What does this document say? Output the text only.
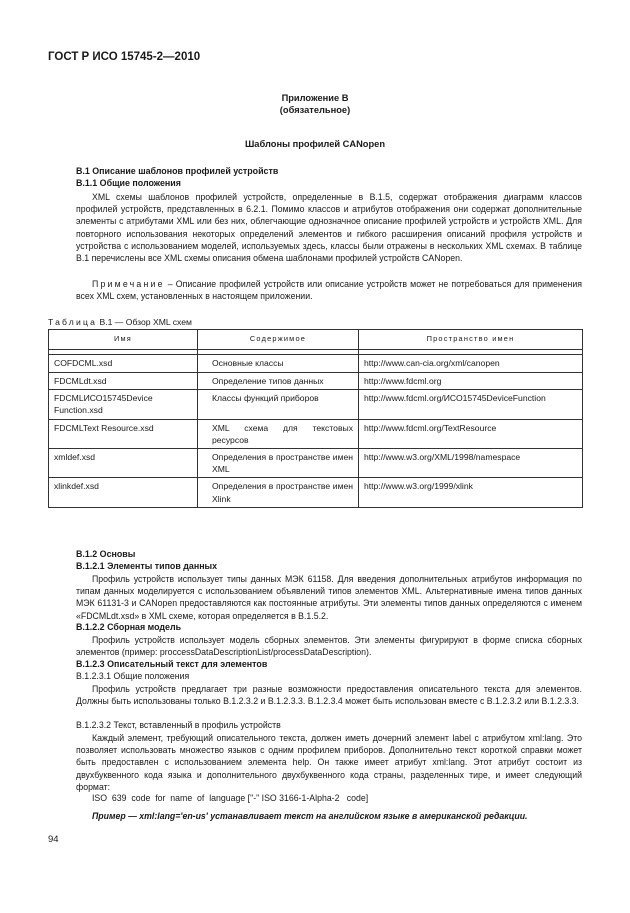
ГОСТ Р ИСО 15745-2—2010
Приложение В
(обязательное)
Шаблоны профилей CANopen
В.1 Описание шаблонов профилей устройств
В.1.1 Общие положения
XML схемы шаблонов профилей устройств, определенные в В.1.5, содержат отображения диаграмм классов профилей устройств, представленных в 6.2.1. Помимо классов и атрибутов отображения они содержат дополнительные элементы с атрибутами XML или без них, облегчающие однозначное описание профилей устройств и устройств XML. Для повторного использования некоторых определений элементов и гибкого расширения описаний профиля устройств и устройства с использованием моделей, используемых здесь, классы были отражены в нескольких XML схемах. В таблице В.1 перечислены все XML схемы описания обмена шаблонами профилей устройств CANopen.
Примечание – Описание профилей устройств или описание устройств может не потребоваться для применения всех XML схем, установленных в настоящем приложении.
Таблица В.1 — Обзор XML схем
Имя	Содержимое	Пространство имен

COFDCML.xsd	Основные классы	http://www.can-cia.org/xml/canopen
FDCMLdt.xsd	Определение типов данных	http://www.fdcml.org
FDCMLИСО15745Device Function.xsd	Классы функций приборов	http://www.fdcml.org/ИСО15745DeviceFunction
FDCMLText Resource.xsd	XML схема для текстовых ресурсов	http://www.fdcml.org/TextResource
xmldef.xsd	Определения в пространстве имен XML	http://www.w3.org/XML/1998/namespace
xlinkdef.xsd	Определения в пространстве имен Xlink	http://www.w3.org/1999/xlink
В.1.2 Основы
В.1.2.1 Элементы типов данных
Профиль устройств использует типы данных МЭК 61158. Для введения дополнительных атрибутов информация по типам данных моделируется с использованием объявлений типов элементов XML. Альтернативные имена типов данных МЭК 61131-3 и CANopen предоставляются как постоянные атрибуты. Эти элементы типов данных определяются с именем «FDCMLdt.xsd» в XML схеме, которая определяется в В.1.5.2.
В.1.2.2 Сборная модель
Профиль устройств использует модель сборных элементов. Эти элементы фигурируют в форме списка сборных элементов (пример: proccessDataDescriptionList/processDataDescription).
В.1.2.3 Описательный текст для элементов
В.1.2.3.1 Общие положения
Профиль устройств предлагает три разные возможности предоставления описательного текста для элементов. Должны быть использованы только В.1.2.3.2 и В.1.2.3.3. В.1.2.3.4 может быть использован вместе с В.1.2.3.2 или В.1.2.3.3.
В.1.2.3.2 Текст, вставленный в профиль устройств
Каждый элемент, требующий описательного текста, должен иметь дочерний элемент label с атрибутом xml:lang. Это позволяет использовать множество языков с одним профилем приборов. Дополнительно текст короткой справки может быть предоставлен с использованием элемента help. Он также имеет атрибут xml:lang. Этот атрибут состоит из двухбуквенного кода языка и дополнительного двухбуквенного кода страны, разделенных тире, и имеет следующий формат:
ISO  639  code  for  name  of  language ["-" ISO 3166-1-Alpha-2   code]
Пример — xml:lang='en-us' устанавливает текст на английском языке в американской редакции.
94
